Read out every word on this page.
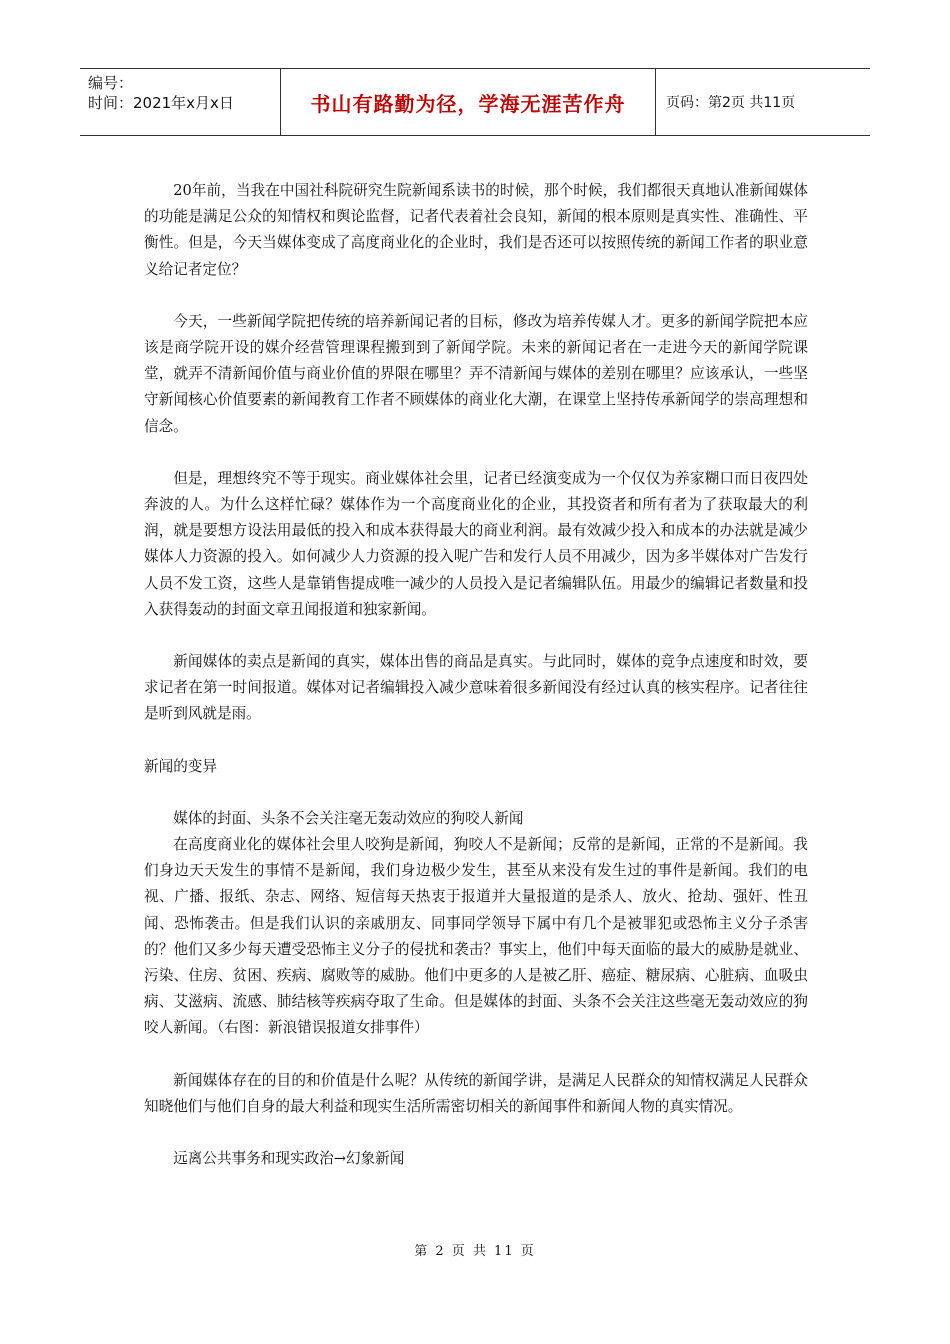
编号：
时间：2021年x月x日	书山有路勤为径，学海无涯苦作舟	页码：第2页 共11页

20年前，当我在中国社科院研究生院新闻系读书的时候，那个时候，我们都很天真地认准新闻媒体的功能是满足公众的知情权和舆论监督，记者代表着社会良知，新闻的根本原则是真实性、准确性、平衡性。但是，今天当媒体变成了高度商业化的企业时，我们是否还可以按照传统的新闻工作者的职业意义给记者定位？

今天，一些新闻学院把传统的培养新闻记者的目标，修改为培养传媒人才。更多的新闻学院把本应该是商学院开设的媒介经营管理课程搬到到了新闻学院。未来的新闻记者在一走进今天的新闻学院课堂，就弄不清新闻价值与商业价值的界限在哪里？弄不清新闻与媒体的差别在哪里？应该承认，一些坚守新闻核心价值要素的新闻教育工作者不顾媒体的商业化大潮，在课堂上坚持传承新闻学的崇高理想和信念。

但是，理想终究不等于现实。商业媒体社会里，记者已经演变成为一个仅仅为养家糊口而日夜四处奔波的人。为什么这样忙碌？媒体作为一个高度商业化的企业，其投资者和所有者为了获取最大的利润，就是要想方设法用最低的投入和成本获得最大的商业利润。最有效减少投入和成本的办法就是减少媒体人力资源的投入。如何减少人力资源的投入呢广告和发行人员不用减少，因为多半媒体对广告发行人员不发工资，这些人是靠销售提成唯一减少的人员投入是记者编辑队伍。用最少的编辑记者数量和投入获得轰动的封面文章丑闻报道和独家新闻。

新闻媒体的卖点是新闻的真实，媒体出售的商品是真实。与此同时，媒体的竞争点速度和时效，要求记者在第一时间报道。媒体对记者编辑投入减少意味着很多新闻没有经过认真的核实程序。记者往往是听到风就是雨。

新闻的变异

媒体的封面、头条不会关注毫无轰动效应的狗咬人新闻

在高度商业化的媒体社会里人咬狗是新闻，狗咬人不是新闻；反常的是新闻，正常的不是新闻。我们身边天天发生的事情不是新闻，我们身边极少发生，甚至从来没有发生过的事件是新闻。我们的电视、广播、报纸、杂志、网络、短信每天热衷于报道并大量报道的是杀人、放火、抢劫、强奸、性丑闻、恐怖袭击。但是我们认识的亲戚朋友、同事同学领导下属中有几个是被罪犯或恐怖主义分子杀害的？他们又多少每天遭受恐怖主义分子的侵扰和袭击？事实上，他们中每天面临的最大的威胁是就业、污染、住房、贫困、疾病、腐败等的威胁。他们中更多的人是被乙肝、癌症、糖尿病、心脏病、血吸虫病、艾滋病、流感、肺结核等疾病夺取了生命。但是媒体的封面、头条不会关注这些毫无轰动效应的狗咬人新闻。（右图：新浪错误报道女排事件）

新闻媒体存在的目的和价值是什么呢？从传统的新闻学讲，是满足人民群众的知情权满足人民群众知晓他们与他们自身的最大利益和现实生活所需密切相关的新闻事件和新闻人物的真实情况。

远离公共事务和现实政治→幻象新闻

第 2 页 共 11 页
